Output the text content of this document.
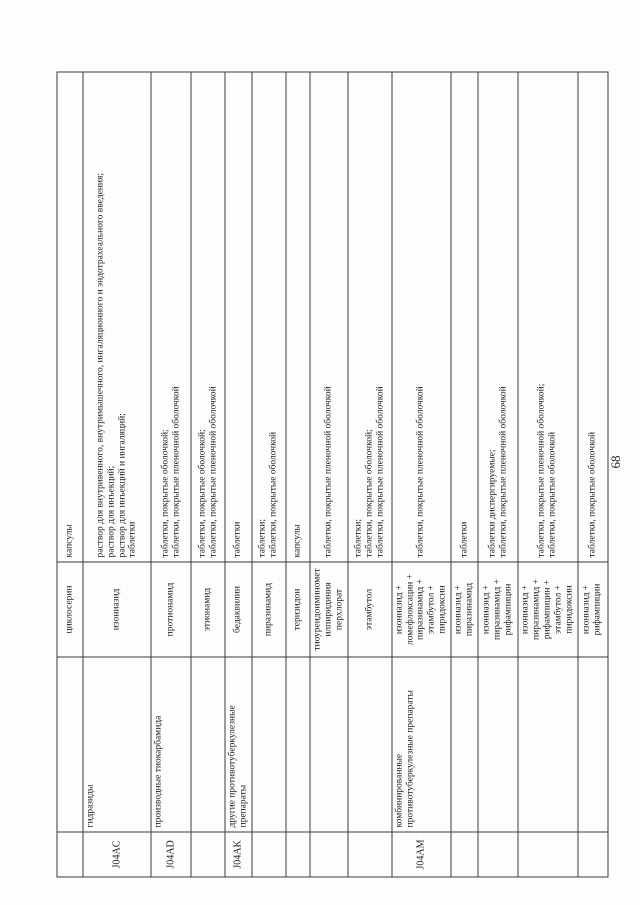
		циклосерин	капсулы

J04AC	гидразиды	изониазид	раствор для внутривенного, внутримышечного, ингаляционного и эндотрахеального введения; раствор для инъекций; раствор для инъекций и ингаляций; таблетки

J04AD	производные тиокарбамида	протионамид	таблетки, покрытые оболочкой; таблетки, покрытые пленочной оболочкой

		этионамид	таблетки, покрытые оболочкой; таблетки, покрытые пленочной оболочкой

J04AK	другие противотуберкулезные препараты	бедаквилин	таблетки

		пиразинамид	таблетки; таблетки, покрытые оболочкой

		теризидон	капсулы

		тиоуреидоиминометилпиридиния перхлорат	таблетки, покрытые пленочной оболочкой

		этамбутол	таблетки; таблетки, покрытые оболочкой; таблетки, покрытые пленочной оболочкой

J04AM	комбинированные противотуберкулезные препараты	изониазид + ломефлоксацин + пиразинамид + этамбутол + пиридоксин	таблетки, покрытые пленочной оболочкой

		изониазид + пиразинамид	таблетки

		изониазид + пиразинамид + рифампицин	таблетки диспергируемые; таблетки, покрытые пленочной оболочкой

		изониазид + пиразинамид + рифампицин + этамбутол + пиридоксин	таблетки, покрытые пленочной оболочкой; таблетки, покрытые оболочкой

		изониазид + рифампицин	таблетки, покрытые оболочкой 68
